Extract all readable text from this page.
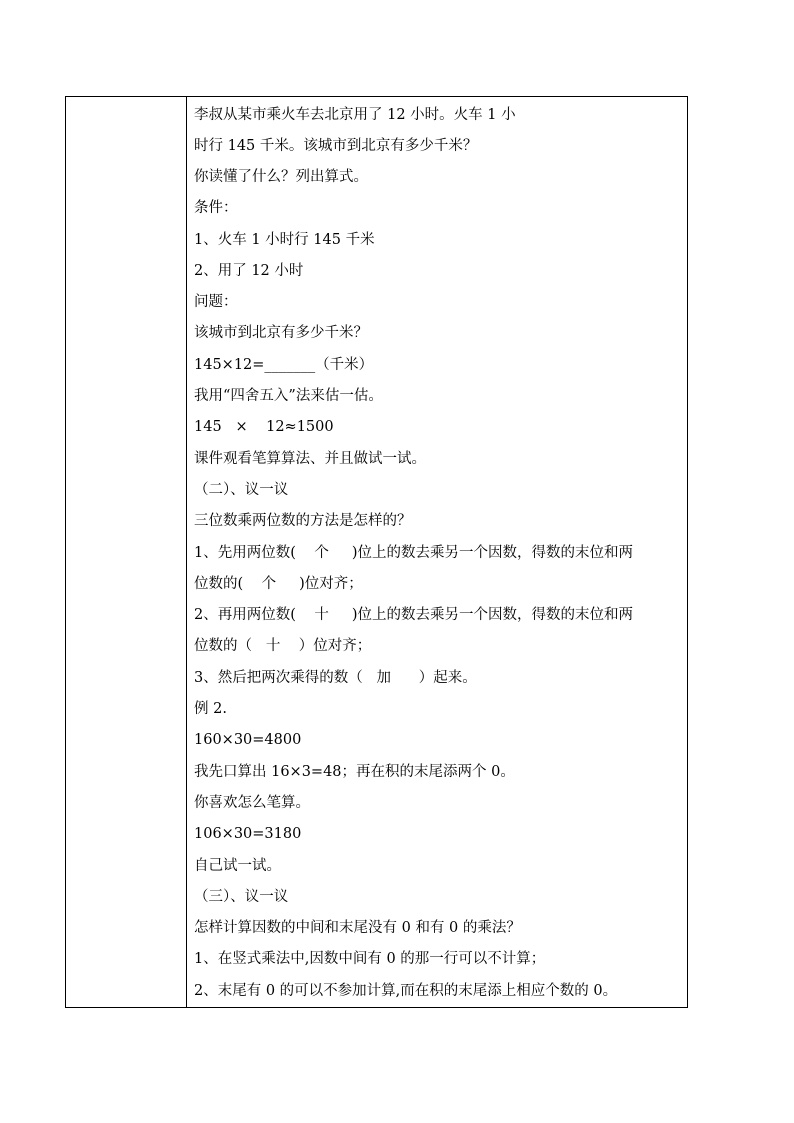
李叔从某市乘火车去北京用了 12 小时。火车 1 小
时行 145 千米。该城市到北京有多少千米？
你读懂了什么？列出算式。
条件：
1、火车 1 小时行 145 千米
2、用了 12 小时
问题：
该城市到北京有多少千米？
145×12=_______（千米）
我用“四舍五入”法来估一估。
145   ×    12≈1500
课件观看笔算算法、并且做试一试。
（二）、议一议
三位数乘两位数的方法是怎样的？
1、先用两位数(    个     )位上的数去乘另一个因数，得数的末位和两
位数的(    个     )位对齐；
2、再用两位数(    十     )位上的数去乘另一个因数，得数的末位和两
位数的（   十    ）位对齐；
3、然后把两次乘得的数（   加      ）起来。
例 2.
160×30=4800
我先口算出 16×3=48；再在积的末尾添两个 0。
你喜欢怎么笔算。
106×30=3180
自己试一试。
（三）、议一议
怎样计算因数的中间和末尾没有 0 和有 0 的乘法？
1、在竖式乘法中,因数中间有 0 的那一行可以不计算；
2、末尾有 0 的可以不参加计算,而在积的末尾添上相应个数的 0。
